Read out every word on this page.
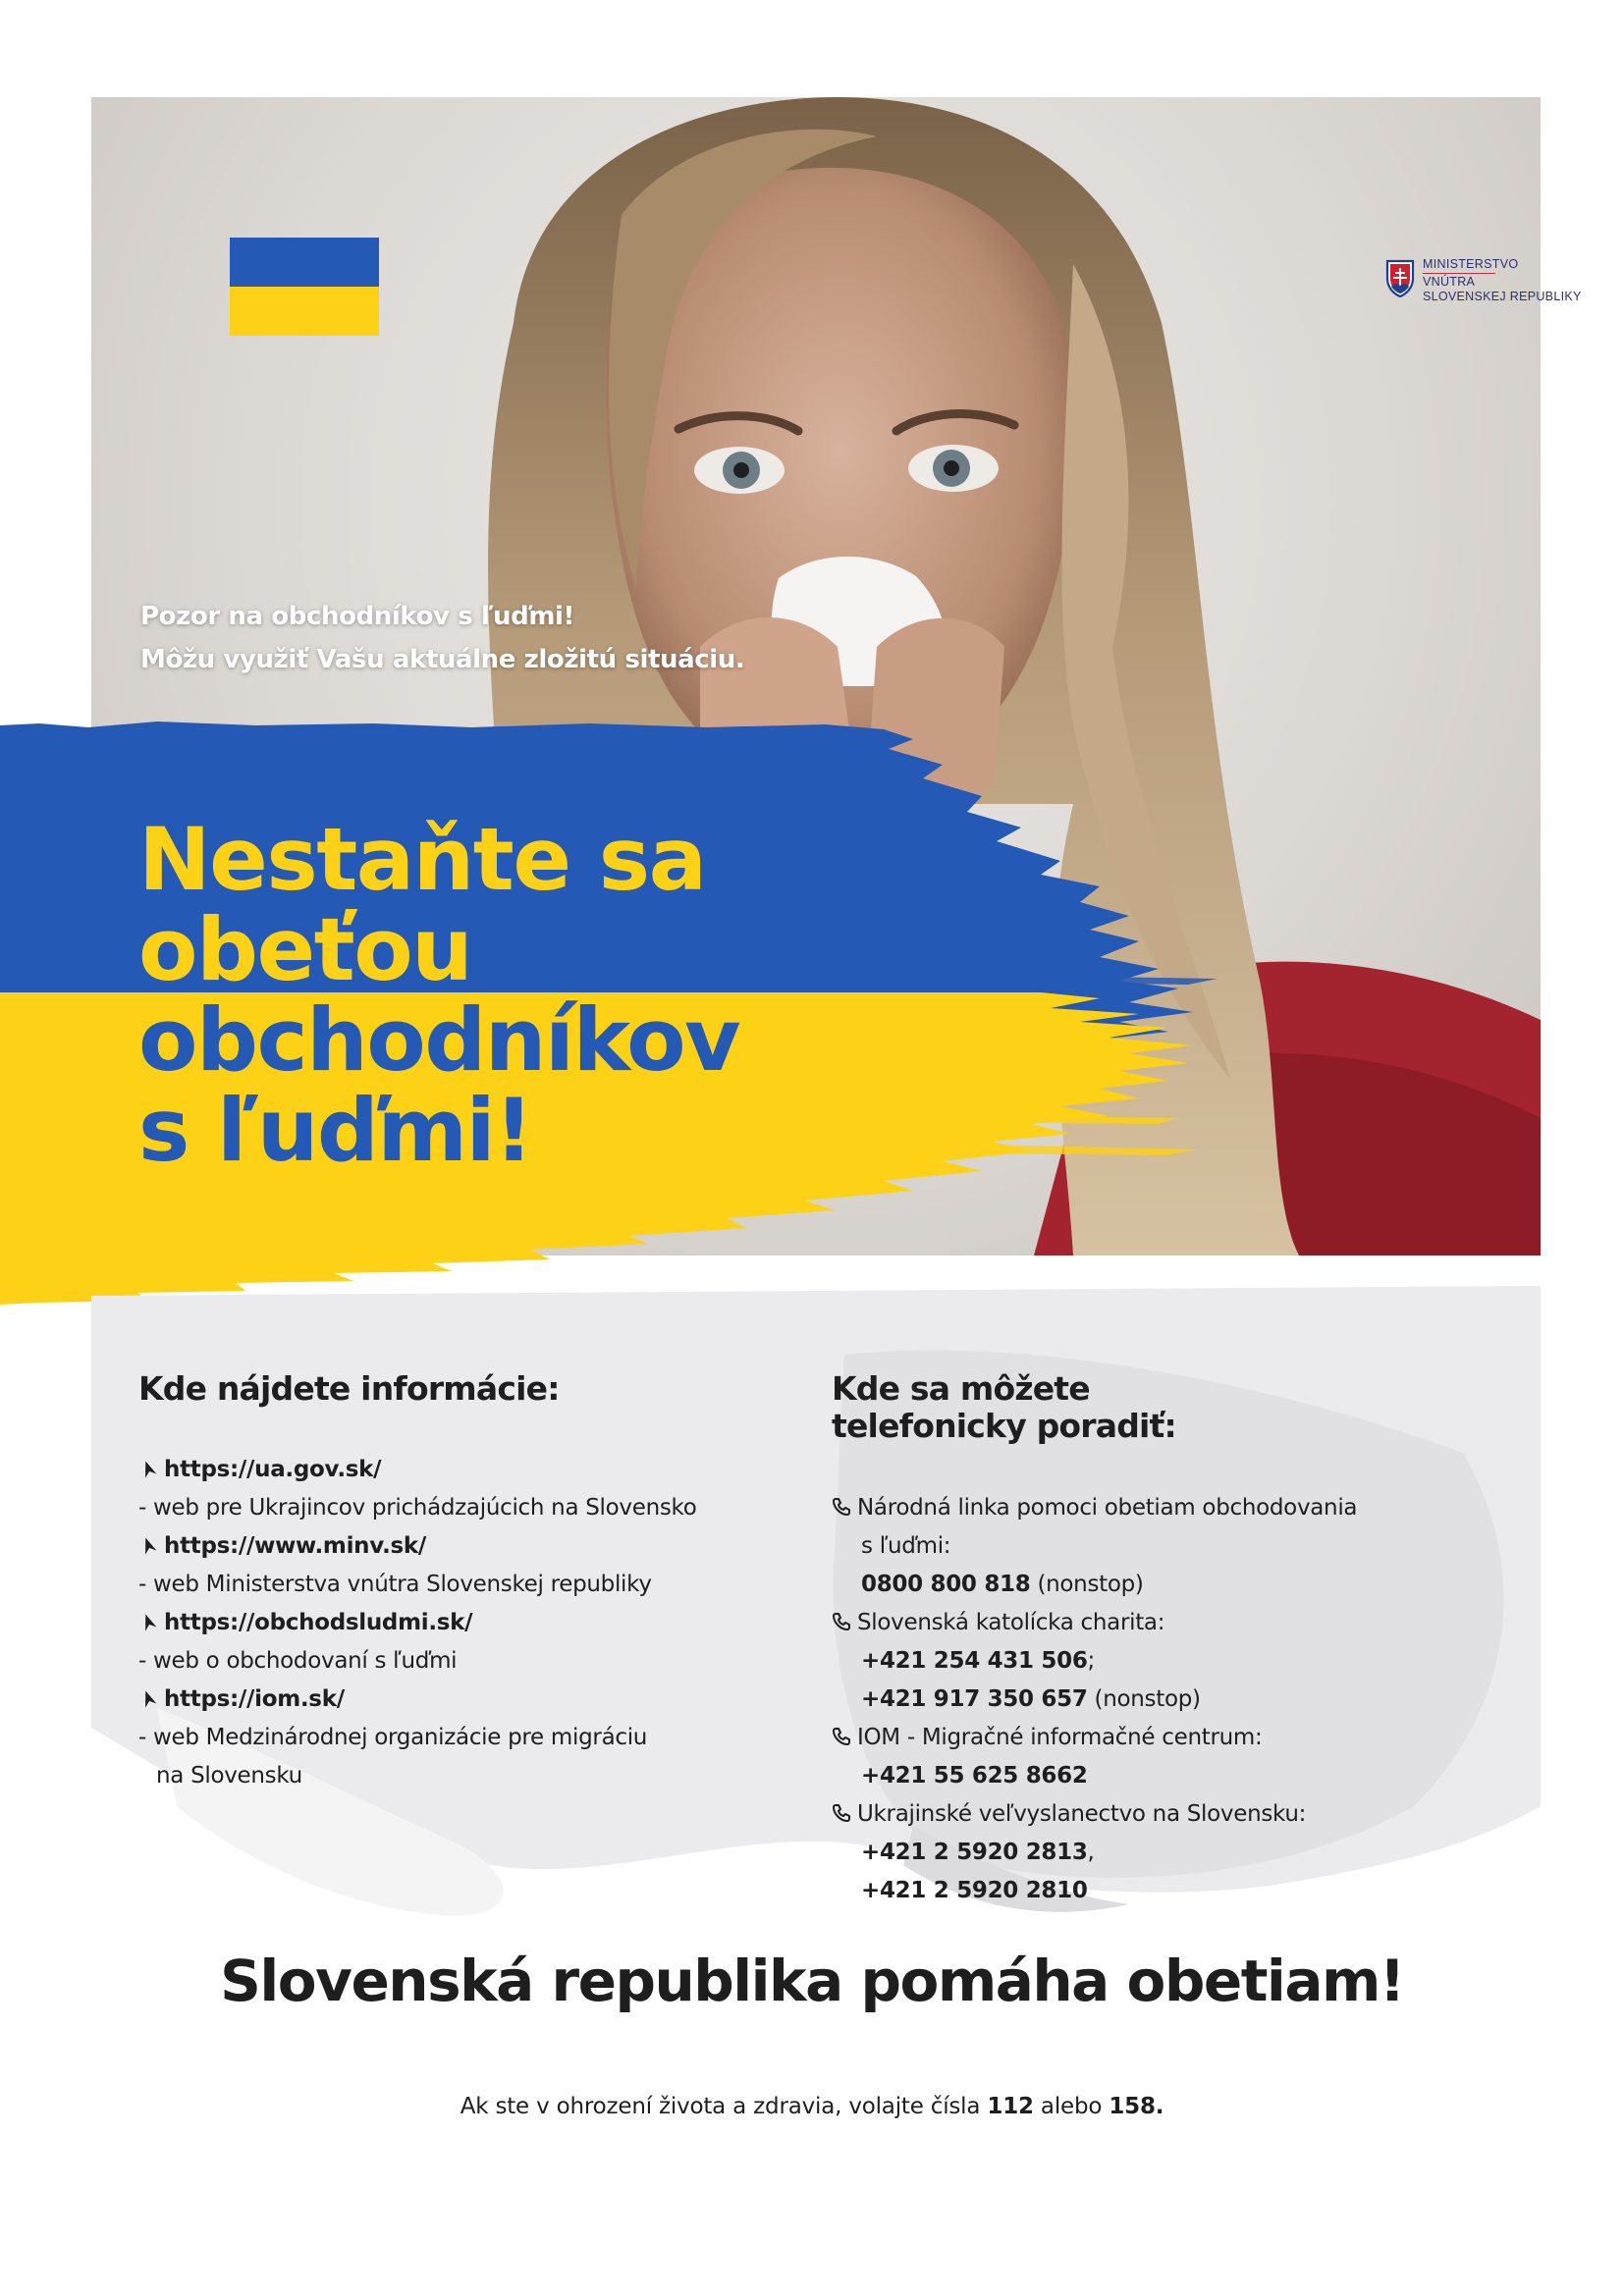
MINISTERSTVO
VNÚTRA
SLOVENSKEJ REPUBLIKY
Pozor na obchodníkov s ľuďmi!
Môžu využiť Vašu aktuálne zložitú situáciu.
Nestaňte sa
obeťou
obchodníkov
s ľuďmi!
Kde nájdete informácie:
https://ua.gov.sk/
- web pre Ukrajincov prichádzajúcich na Slovensko
https://www.minv.sk/
- web Ministerstva vnútra Slovenskej republiky
https://obchodsludmi.sk/
- web o obchodovaní s ľuďmi
https://iom.sk/
- web Medzinárodnej organizácie pre migráciu
na Slovensku
Kde sa môžete
telefonicky poradiť:
Národná linka pomoci obetiam obchodovania
s ľuďmi:
0800 800 818 (nonstop)
Slovenská katolícka charita:
+421 254 431 506;
+421 917 350 657 (nonstop)
IOM - Migračné informačné centrum:
+421 55 625 8662
Ukrajinské veľvyslanectvo na Slovensku:
+421 2 5920 2813,
+421 2 5920 2810
Slovenská republika pomáha obetiam!
Ak ste v ohrození života a zdravia, volajte čísla 112 alebo 158.
